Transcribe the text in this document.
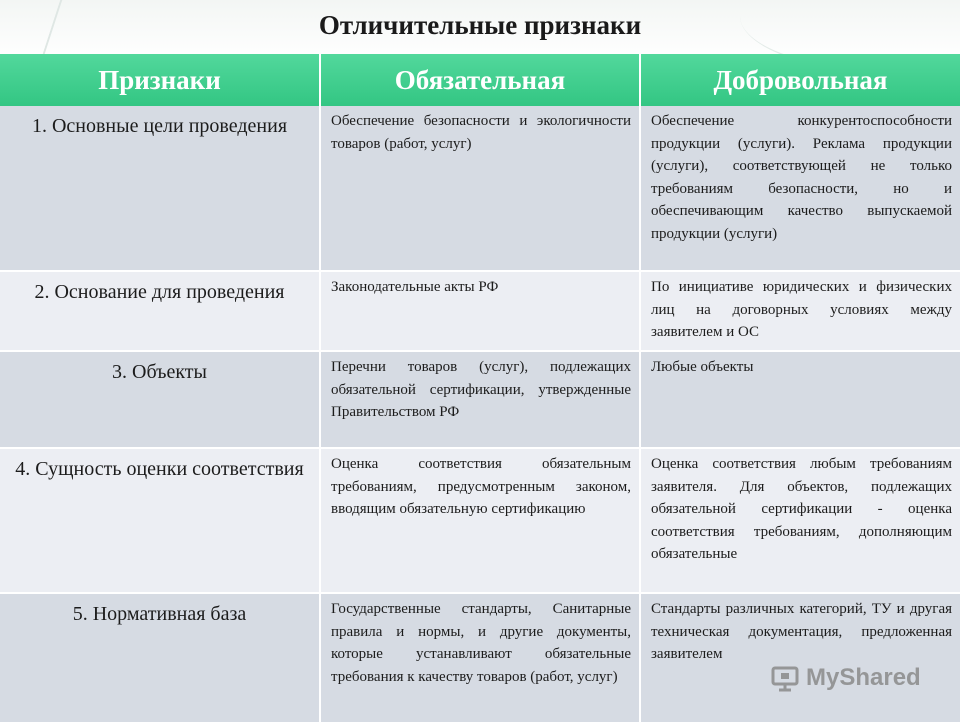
Отличительные признаки
Признаки	Обязательная	Добровольная
1. Основные цели проведения	Обеспечение безопасности и экологичности товаров (работ, услуг)	Обеспечение конкурентоспособности продукции (услуги). Реклама продукции (услуги), соответствующей не только требованиям безопасности, но и обеспечивающим качество выпускаемой продукции (услуги)
2. Основание для проведения	Законодательные акты РФ	По инициативе юридических и физических лиц на договорных условиях между заявителем и ОС
3. Объекты	Перечни товаров (услуг), подлежащих обязательной сертификации, утвержденные Правительством РФ	Любые объекты
4. Сущность оценки соответствия	Оценка соответствия обязательным требованиям, предусмотренным законом, вводящим обязательную сертификацию	Оценка соответствия любым требованиям заявителя. Для объектов, подлежащих обязательной сертификации - оценка соответствия требованиям, дополняющим обязательные
5. Нормативная база	Государственные стандарты, Санитарные правила и нормы, и другие документы, которые устанавливают обязательные требования к качеству товаров (работ, услуг)	Стандарты различных категорий, ТУ и другая техническая документация, предложенная заявителем
MyShared
